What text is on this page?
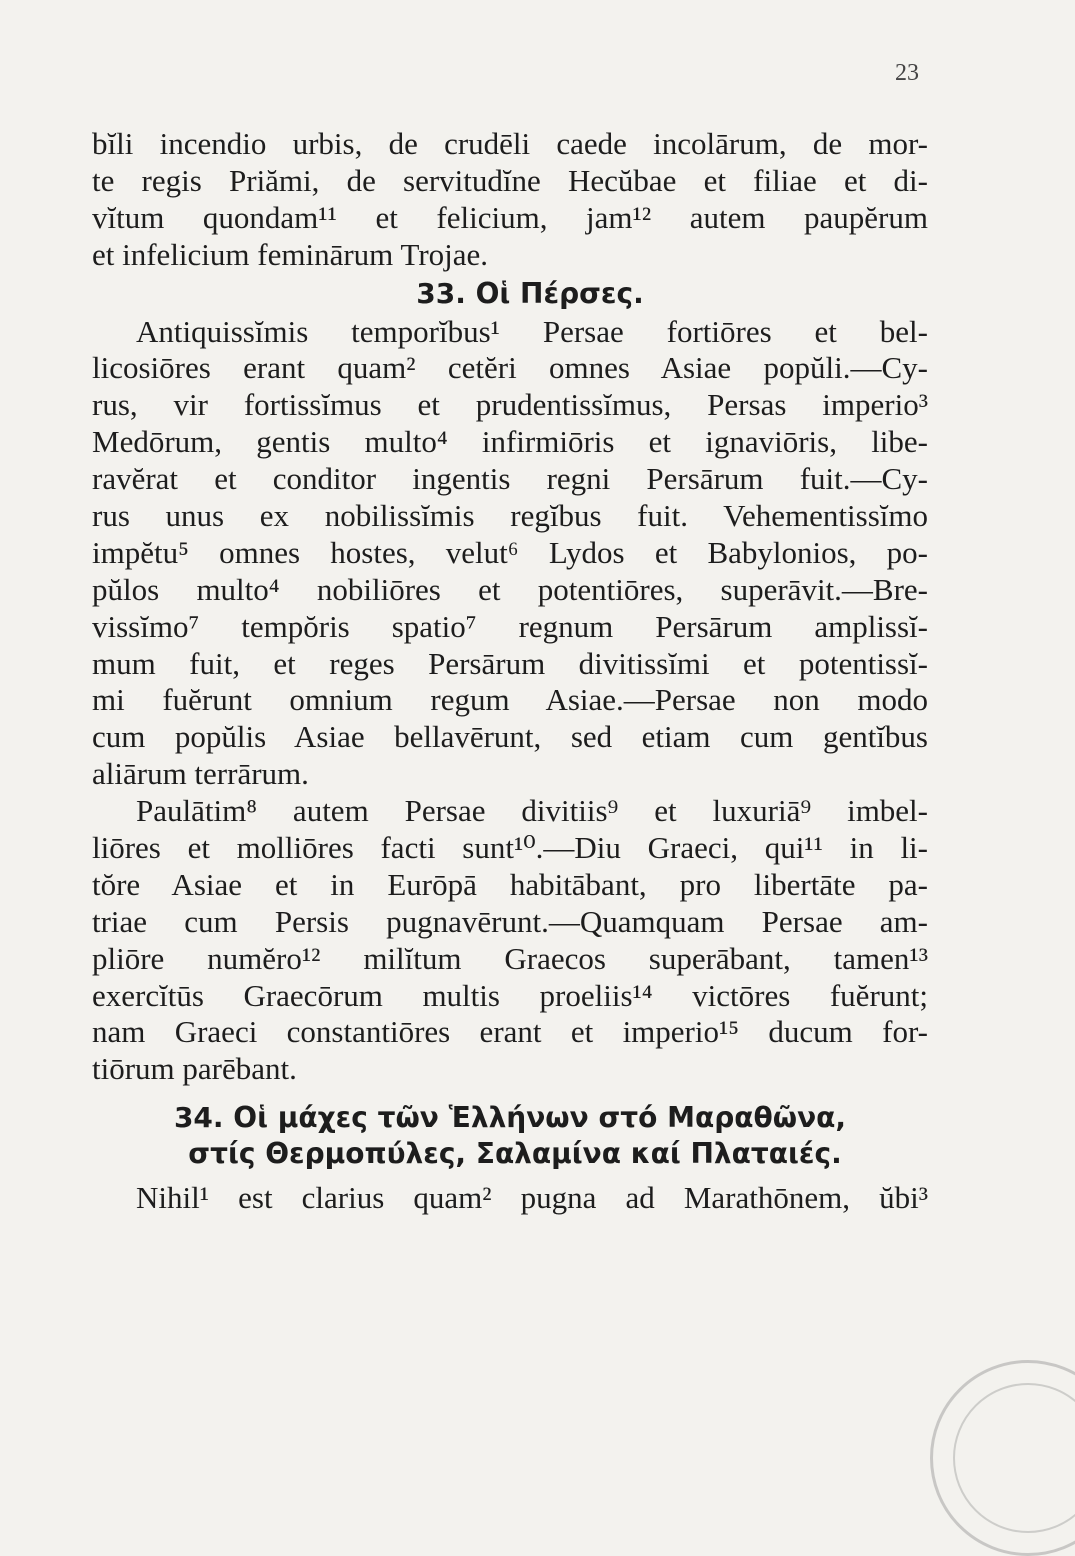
23
bĭli incendio urbis, de crudēli caede incolārum, de mor-
te regis Priămi, de servitudĭne Hecŭbae et filiae et di-
vĭtum quondam¹¹ et felicium, jam¹² autem paupĕrum
et infelicium feminārum Trojae.
33. Οἱ Πέρσες.
Antiquissĭmis temporĭbus¹ Persae fortiōres et bel-
licosiōres erant quam² cetĕri omnes Asiae popŭli.—Cy-
rus, vir fortissĭmus et prudentissĭmus, Persas imperio³
Medōrum, gentis multo⁴ infirmiōris et ignaviōris, libe-
ravĕrat et conditor ingentis regni Persārum fuit.—Cy-
rus unus ex nobilissĭmis regĭbus fuit. Vehementissĭmo
impĕtu⁵ omnes hostes, velut⁶ Lydos et Babylonios, po-
pŭlos multo⁴ nobiliōres et potentiōres, superāvit.—Bre-
vissĭmo⁷ tempŏris spatio⁷ regnum Persārum amplissĭ-
mum fuit, et reges Persārum divitissĭmi et potentissĭ-
mi fuĕrunt omnium regum Asiae.—Persae non modo
cum popŭlis Asiae bellavērunt, sed etiam cum gentĭbus
aliārum terrārum.
Paulātim⁸ autem Persae divitiis⁹ et luxuriā⁹ imbel-
liōres et molliōres facti sunt¹⁰.—Diu Graeci, qui¹¹ in li-
tŏre Asiae et in Eurōpā habitābant, pro libertāte pa-
triae cum Persis pugnavērunt.—Quamquam Persae am-
pliōre numĕro¹² milĭtum Graecos superābant, tamen¹³
exercĭtūs Graecōrum multis proeliis¹⁴ victōres fuĕrunt;
nam Graeci constantiōres erant et imperio¹⁵ ducum for-
tiōrum parēbant.
34. Οἱ μάχες τῶν Ἑλλήνων στό Μαραθῶνα,
στίς Θερμοπύλες, Σαλαμίνα καί Πλαταιές.
Nihil¹ est clarius quam² pugna ad Marathōnem, ŭbi³
